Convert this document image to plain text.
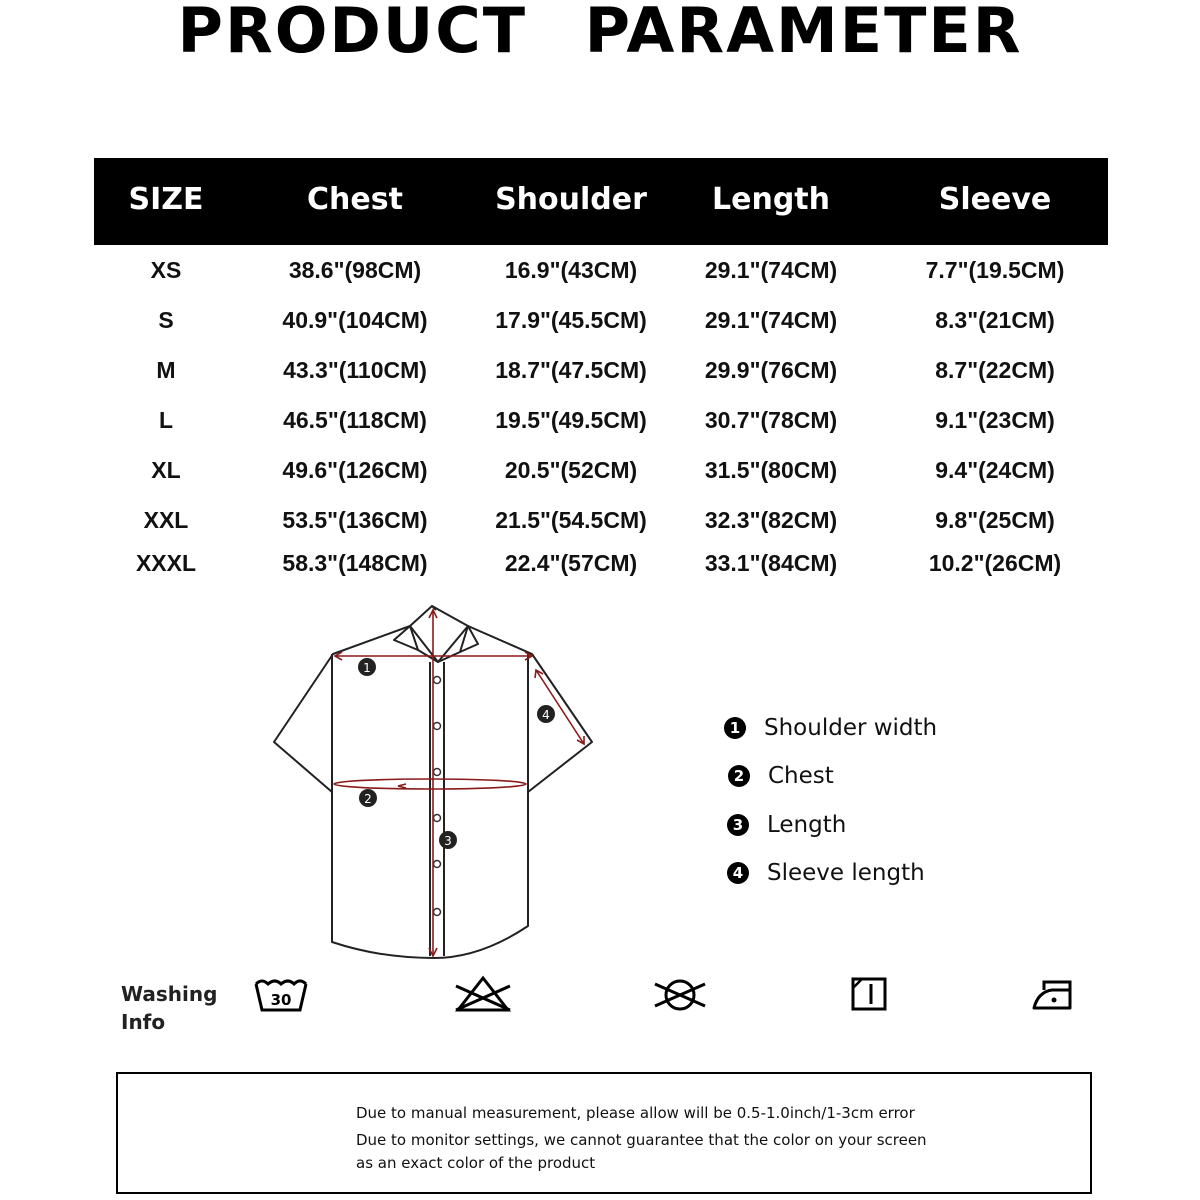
PRODUCT PARAMETER
SIZE	Chest	Shoulder	Length	Sleeve
XS	38.6"(98CM)	16.9"(43CM)	29.1"(74CM)	7.7"(19.5CM)
S	40.9"(104CM)	17.9"(45.5CM)	29.1"(74CM)	8.3"(21CM)
M	43.3"(110CM)	18.7"(47.5CM)	29.9"(76CM)	8.7"(22CM)
L	46.5"(118CM)	19.5"(49.5CM)	30.7"(78CM)	9.1"(23CM)
XL	49.6"(126CM)	20.5"(52CM)	31.5"(80CM)	9.4"(24CM)
XXL	53.5"(136CM)	21.5"(54.5CM)	32.3"(82CM)	9.8"(25CM)
XXXL	58.3"(148CM)	22.4"(57CM)	33.1"(84CM)	10.2"(26CM)
1
2
3
4
1 Shoulder width
2 Chest
3 Length
4 Sleeve length
Washing
Info
30
Due to manual measurement, please allow will be 0.5-1.0inch/1-3cm error
Due to monitor settings, we cannot guarantee that the color on your screen
as an exact color of the product
